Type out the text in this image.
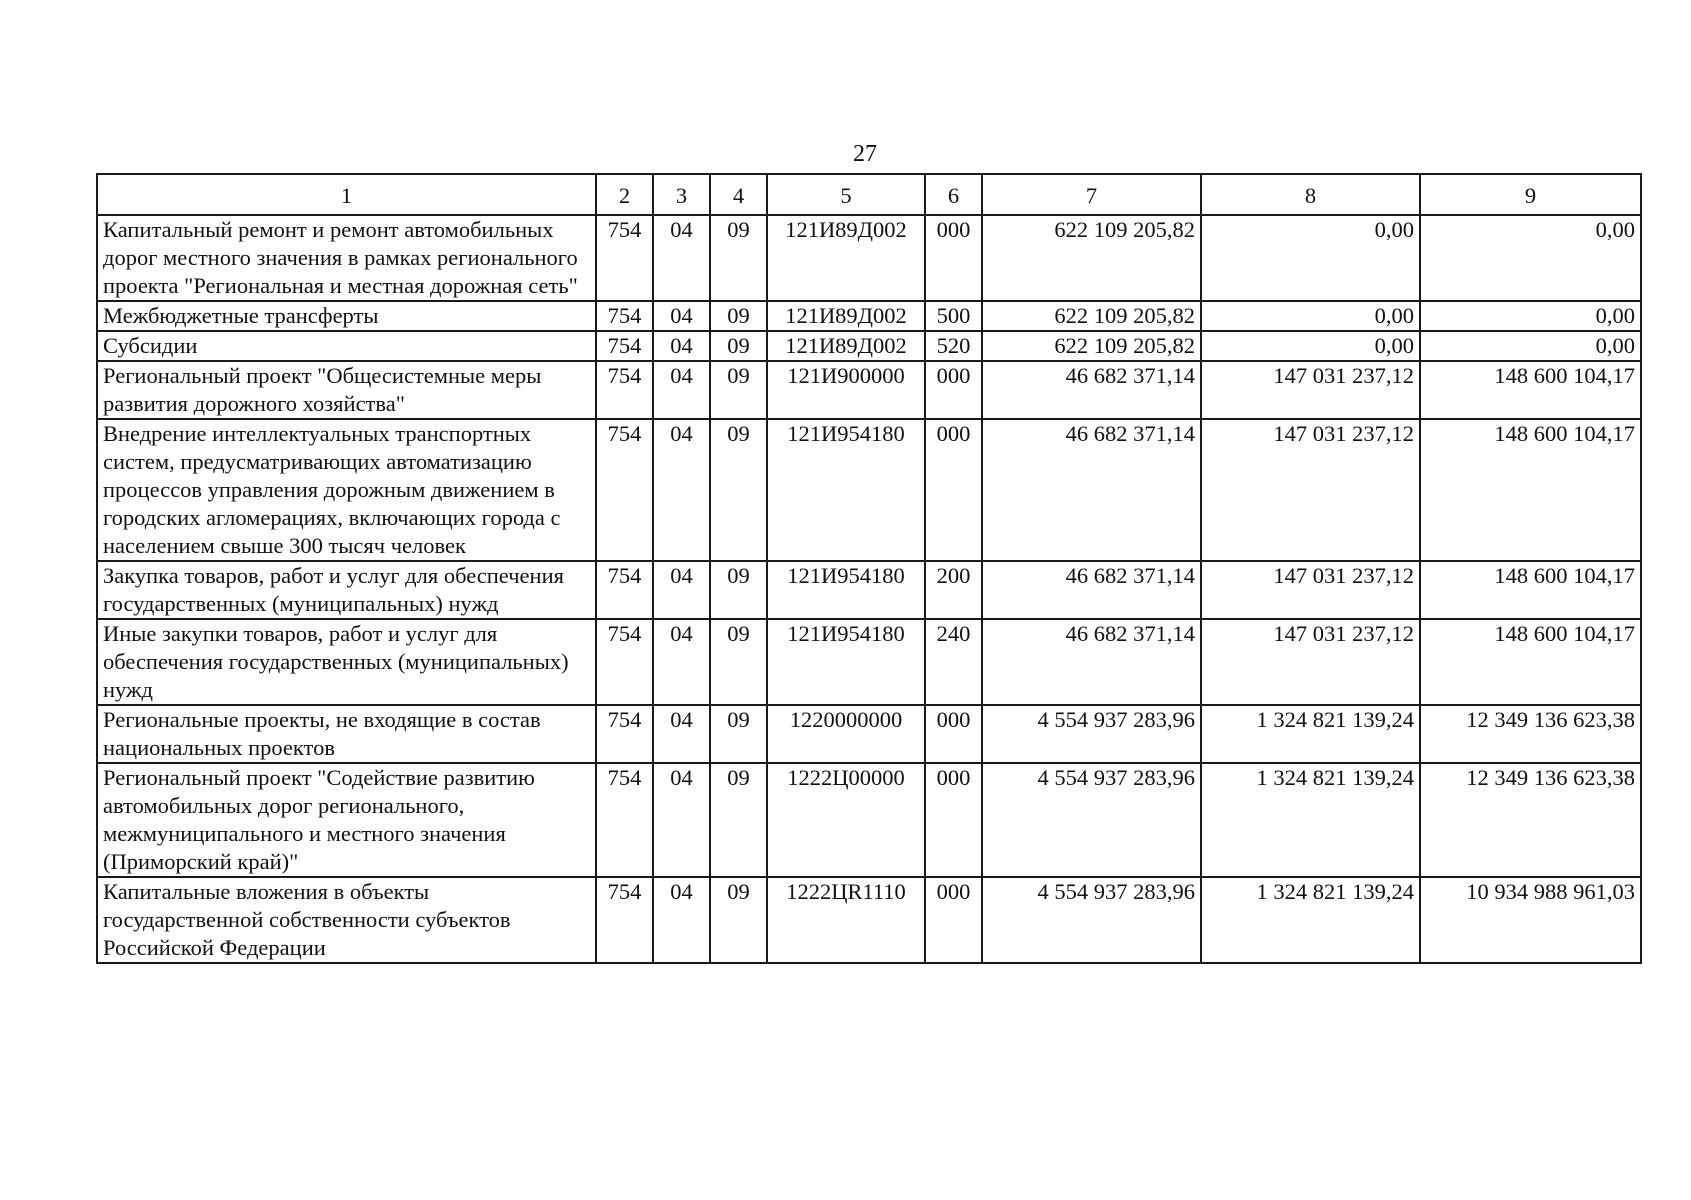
27
1	2	3	4	5	6	7	8	9
Капитальный ремонт и ремонт автомобильных дорог местного значения в рамках регионального проекта "Региональная и местная дорожная сеть"	754	04	09	121И89Д002	000	622 109 205,82	0,00	0,00
Межбюджетные трансферты	754	04	09	121И89Д002	500	622 109 205,82	0,00	0,00
Субсидии	754	04	09	121И89Д002	520	622 109 205,82	0,00	0,00
Региональный проект "Общесистемные меры развития дорожного хозяйства"	754	04	09	121И900000	000	46 682 371,14	147 031 237,12	148 600 104,17
Внедрение интеллектуальных транспортных систем, предусматривающих автоматизацию процессов управления дорожным движением в городских агломерациях, включающих города с населением свыше 300 тысяч человек	754	04	09	121И954180	000	46 682 371,14	147 031 237,12	148 600 104,17
Закупка товаров, работ и услуг для обеспечения государственных (муниципальных) нужд	754	04	09	121И954180	200	46 682 371,14	147 031 237,12	148 600 104,17
Иные закупки товаров, работ и услуг для обеспечения государственных (муниципальных) нужд	754	04	09	121И954180	240	46 682 371,14	147 031 237,12	148 600 104,17
Региональные проекты, не входящие в состав национальных проектов	754	04	09	1220000000	000	4 554 937 283,96	1 324 821 139,24	12 349 136 623,38
Региональный проект "Содействие развитию автомобильных дорог регионального, межмуниципального и местного значения (Приморский край)"	754	04	09	1222Ц00000	000	4 554 937 283,96	1 324 821 139,24	12 349 136 623,38
Капитальные вложения в объекты государственной собственности субъектов Российской Федерации	754	04	09	1222ЦR1110	000	4 554 937 283,96	1 324 821 139,24	10 934 988 961,03
